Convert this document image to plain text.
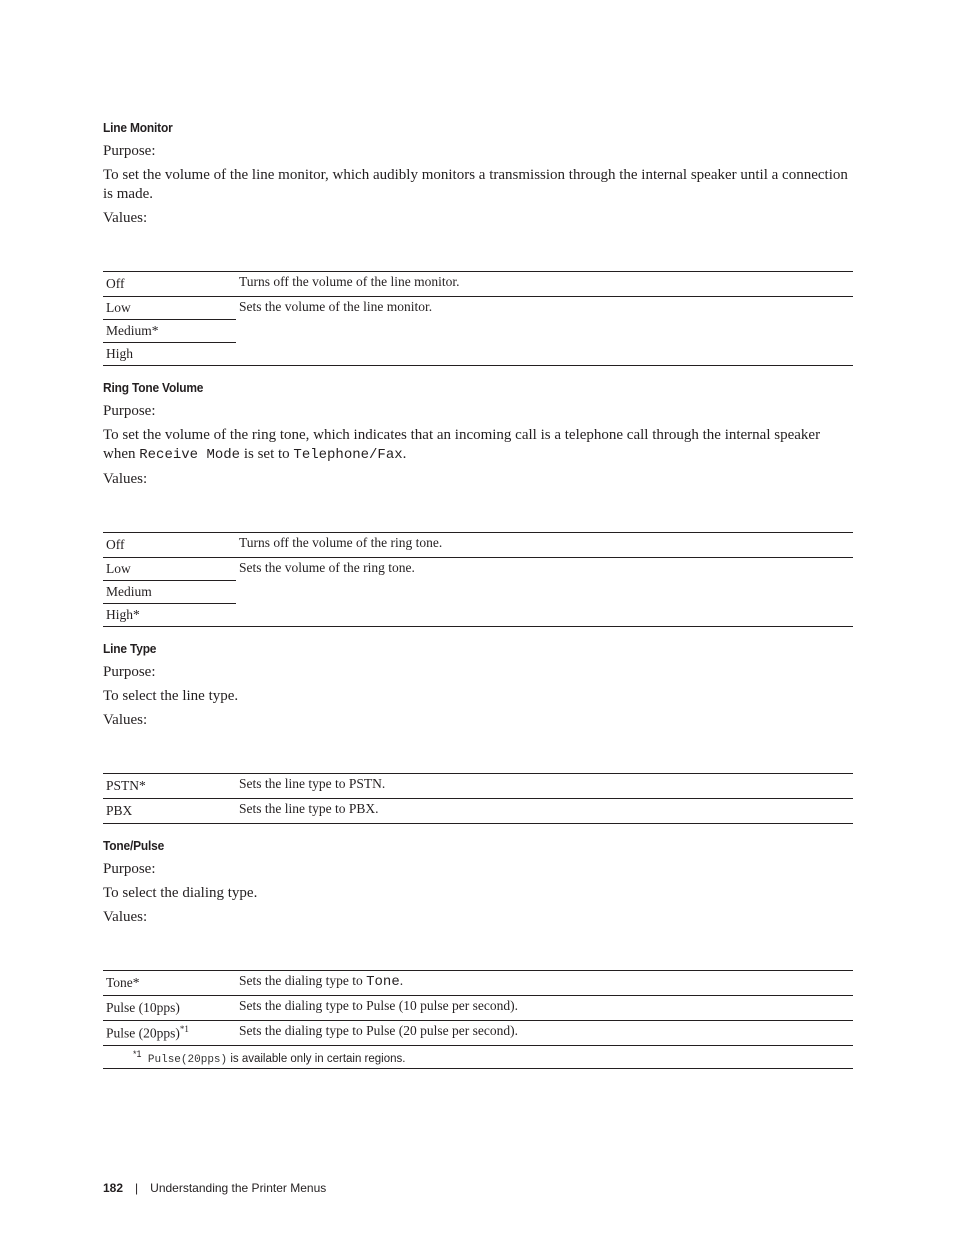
Line Monitor
Purpose:
To set the volume of the line monitor, which audibly monitors a transmission through the internal speaker until a connection is made.
Values:
Off	Turns off the volume of the line monitor.
Low	Sets the volume of the line monitor.
Medium*	
High	
Ring Tone Volume
Purpose:
To set the volume of the ring tone, which indicates that an incoming call is a telephone call through the internal speaker when Receive Mode is set to Telephone/Fax.
Values:
Off	Turns off the volume of the ring tone.
Low	Sets the volume of the ring tone.
Medium	
High*	
Line Type
Purpose:
To select the line type.
Values:
PSTN*	Sets the line type to PSTN.
PBX	Sets the line type to PBX.
Tone/Pulse
Purpose:
To select the dialing type.
Values:
Tone*	Sets the dialing type to Tone.
Pulse (10pps)	Sets the dialing type to Pulse (10 pulse per second).
Pulse $(20pps)^{*1}$	Sets the dialing type to Pulse (20 pulse per second).
$^{*1}$ Pulse(20pps) is available only in certain regions.	
182 | Understanding the Printer Menus
